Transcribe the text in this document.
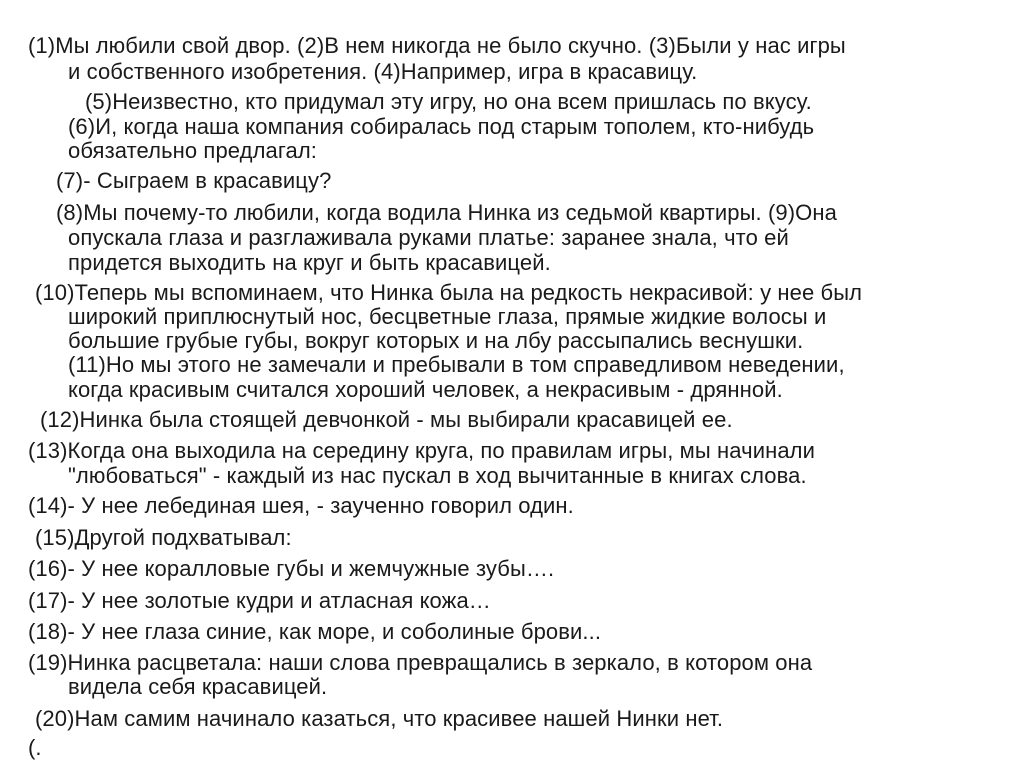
(1)Мы любили свой двор. (2)В нем никогда не было скучно. (3)Были у нас игры
и собственного изобретения. (4)Например, игра в красавицу.
(5)Неизвестно, кто придумал эту игру, но она всем пришлась по вкусу.
(6)И, когда наша компания собиралась под старым тополем, кто-нибудь
обязательно предлагал:
(7)- Сыграем в красавицу?
(8)Мы почему-то любили, когда водила Нинка из седьмой квартиры. (9)Она
опускала глаза и разглаживала руками платье: заранее знала, что ей
придется выходить на круг и быть красавицей.
(10)Теперь мы вспоминаем, что Нинка была на редкость некрасивой: у нее был
широкий приплюснутый нос, бесцветные глаза, прямые жидкие волосы и
большие грубые губы, вокруг которых и на лбу рассыпались веснушки.
(11)Но мы этого не замечали и пребывали в том справедливом неведении,
когда красивым считался хороший человек, а некрасивым - дрянной.
(12)Нинка была стоящей девчонкой - мы выбирали красавицей ее.
(13)Когда она выходила на середину круга, по правилам игры, мы начинали
"любоваться" - каждый из нас пускал в ход вычитанные в книгах слова.
(14)- У нее лебединая шея, - заученно говорил один.
(15)Другой подхватывал:
(16)- У нее коралловые губы и жемчужные зубы….
(17)- У нее золотые кудри и атласная кожа…
(18)- У нее глаза синие, как море, и соболиные брови...
(19)Нинка расцветала: наши слова превращались в зеркало, в котором она
видела себя красавицей.
(20)Нам самим начинало казаться, что красивее нашей Нинки нет.
(.
